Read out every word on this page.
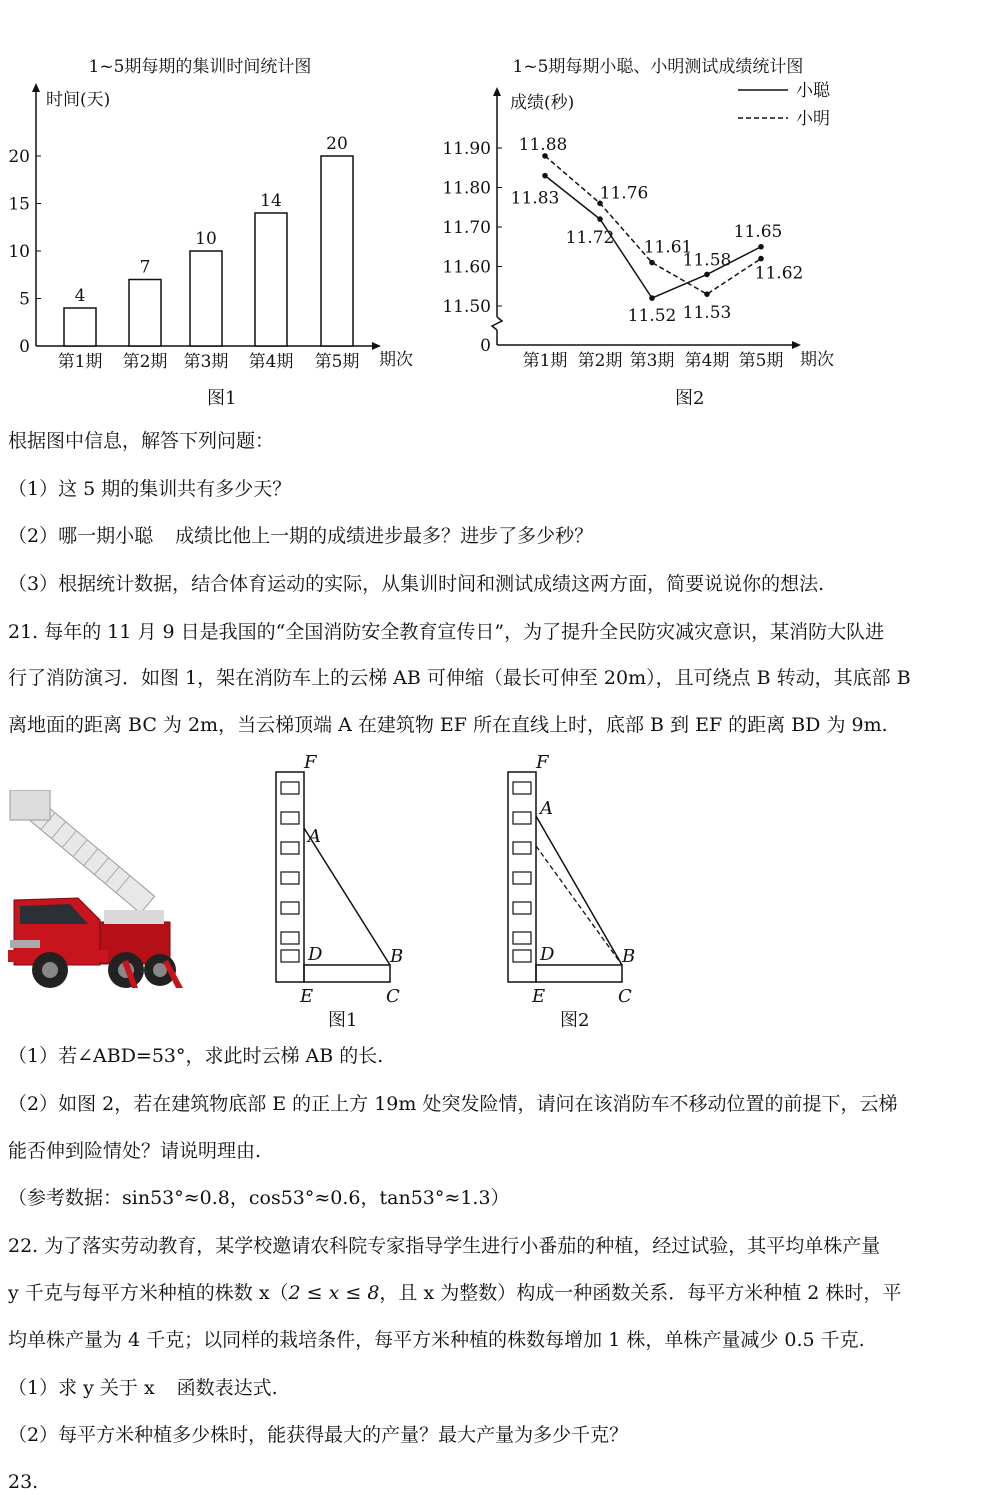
1~5期每期的集训时间统计图
时间(天)
0
5
10
15
20
4
第1期
7
第2期
10
第3期
14
第4期
20
第5期 期次
图1
1~5期每期小聪、小明测试成绩统计图
成绩(秒)
小聪
小明
0
11.50
11.60
11.70
11.80
11.90
第1期 第2期 第3期 第4期 第5期
11.83
11.72
11.52
11.58
11.65
11.88
11.76
11.61
11.53
11.62
期次
图2
根据图中信息，解答下列问题：
（1）这 5 期的集训共有多少天？
（2）哪一期小聪 成绩比他上一期的成绩进步最多？进步了多少秒？
（3）根据统计数据，结合体育运动的实际，从集训时间和测试成绩这两方面，简要说说你的想法.
21. 每年的 11 月 9 日是我国的“全国消防安全教育宣传日”，为了提升全民防灾减灾意识，某消防大队进
行了消防演习．如图 1，架在消防车上的云梯 AB 可伸缩（最长可伸至 20m），且可绕点 B 转动，其底部 B
离地面的距离 BC 为 2m，当云梯顶端 A 在建筑物 EF 所在直线上时，底部 B 到 EF 的距离 BD 为 9m.
F
A
D	B
E	C
图1
F
A
D	B
E	C
图2
（1）若∠ABD=53°，求此时云梯 AB 的长.
（2）如图 2，若在建筑物底部 E 的正上方 19m 处突发险情，请问在该消防车不移动位置的前提下，云梯
能否伸到险情处？请说明理由.
（参考数据：sin53°≈0.8，cos53°≈0.6，tan53°≈1.3）
22. 为了落实劳动教育，某学校邀请农科院专家指导学生进行小番茄的种植，经过试验，其平均单株产量
y 千克与每平方米种植的株数 x（2 ≤ x ≤ 8，且 x 为整数）构成一种函数关系．每平方米种植 2 株时，平
均单株产量为 4 千克；以同样的栽培条件，每平方米种植的株数每增加 1 株，单株产量减少 0.5 千克.
（1）求 y 关于 x 函数表达式.
（2）每平方米种植多少株时，能获得最大的产量？最大产量为多少千克？
23.
